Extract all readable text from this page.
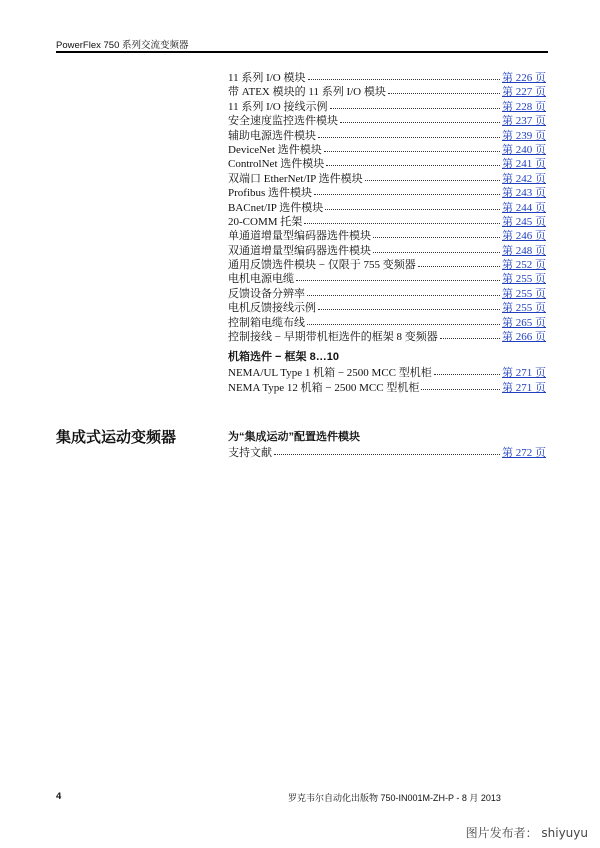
PowerFlex 750 系列交流变频器
11 系列 I/O 模块	第 226 页
带 ATEX 模块的 11 系列 I/O 模块	第 227 页
11 系列 I/O 接线示例	第 228 页
安全速度监控选件模块	第 237 页
辅助电源选件模块	第 239 页
DeviceNet 选件模块	第 240 页
ControlNet 选件模块	第 241 页
双端口 EtherNet/IP 选件模块	第 242 页
Profibus 选件模块	第 243 页
BACnet/IP 选件模块	第 244 页
20-COMM 托架	第 245 页
单通道增量型编码器选件模块	第 246 页
双通道增量型编码器选件模块	第 248 页
通用反馈选件模块 − 仅限于 755 变频器	第 252 页
电机电源电缆	第 255 页
反馈设备分辨率	第 255 页
电机反馈接线示例	第 255 页
控制箱电缆布线	第 265 页
控制接线 − 早期带机柜选件的框架 8 变频器	第 266 页
机箱选件 − 框架 8…10
NEMA/UL Type 1 机箱 − 2500 MCC 型机柜	第 271 页
NEMA Type 12 机箱 − 2500 MCC 型机柜	第 271 页
集成式运动变频器	为“集成运动”配置选件模块
支持文献	第 272 页
4	罗克韦尔自动化出版物 750-IN001M-ZH-P - 8 月 2013
图片发布者： shiyuyu
